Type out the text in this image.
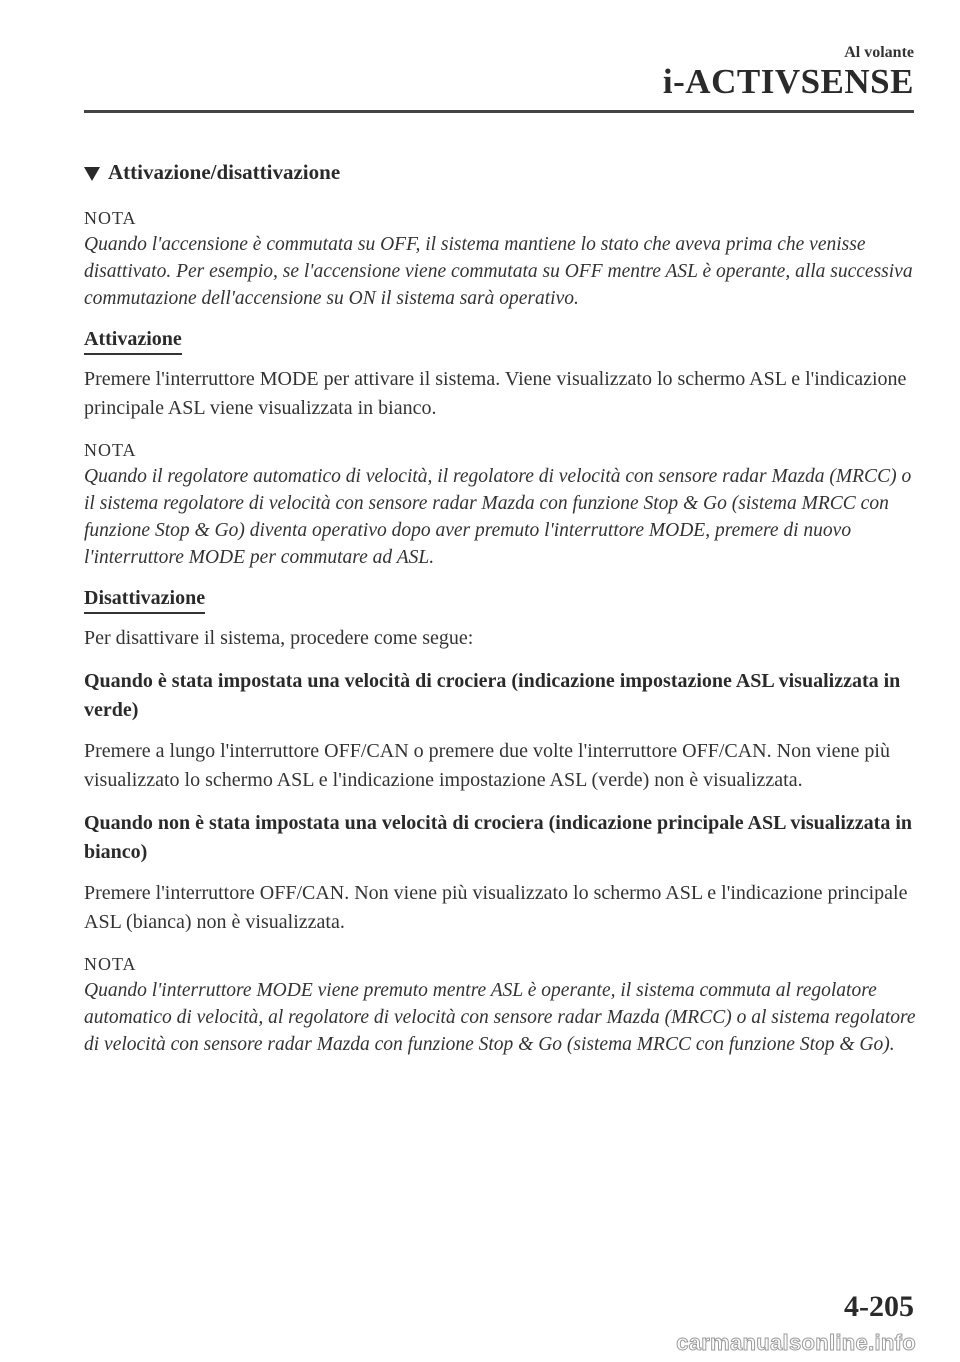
Al volante
i-ACTIVSENSE
Attivazione/disattivazione

NOTA

Quando l'accensione è commutata su OFF, il sistema mantiene lo stato che aveva prima che venisse disattivato. Per esempio, se l'accensione viene commutata su OFF mentre ASL è operante, alla successiva commutazione dell'accensione su ON il sistema sarà operativo.

Attivazione

Premere l'interruttore MODE per attivare il sistema. Viene visualizzato lo schermo ASL e l'indicazione principale ASL viene visualizzata in bianco.

NOTA

Quando il regolatore automatico di velocità, il regolatore di velocità con sensore radar Mazda (MRCC) o il sistema regolatore di velocità con sensore radar Mazda con funzione Stop & Go (sistema MRCC con funzione Stop & Go) diventa operativo dopo aver premuto l'interruttore MODE, premere di nuovo l'interruttore MODE per commutare ad ASL.

Disattivazione

Per disattivare il sistema, procedere come segue:

Quando è stata impostata una velocità di crociera (indicazione impostazione ASL visualizzata in verde)

Premere a lungo l'interruttore OFF/CAN o premere due volte l'interruttore OFF/CAN. Non viene più visualizzato lo schermo ASL e l'indicazione impostazione ASL (verde) non è visualizzata.

Quando non è stata impostata una velocità di crociera (indicazione principale ASL visualizzata in bianco)

Premere l'interruttore OFF/CAN. Non viene più visualizzato lo schermo ASL e l'indicazione principale ASL (bianca) non è visualizzata.

NOTA

Quando l'interruttore MODE viene premuto mentre ASL è operante, il sistema commuta al regolatore automatico di velocità, al regolatore di velocità con sensore radar Mazda (MRCC) o al sistema regolatore di velocità con sensore radar Mazda con funzione Stop & Go (sistema MRCC con funzione Stop & Go).

4-205
carmanualsonline.info
